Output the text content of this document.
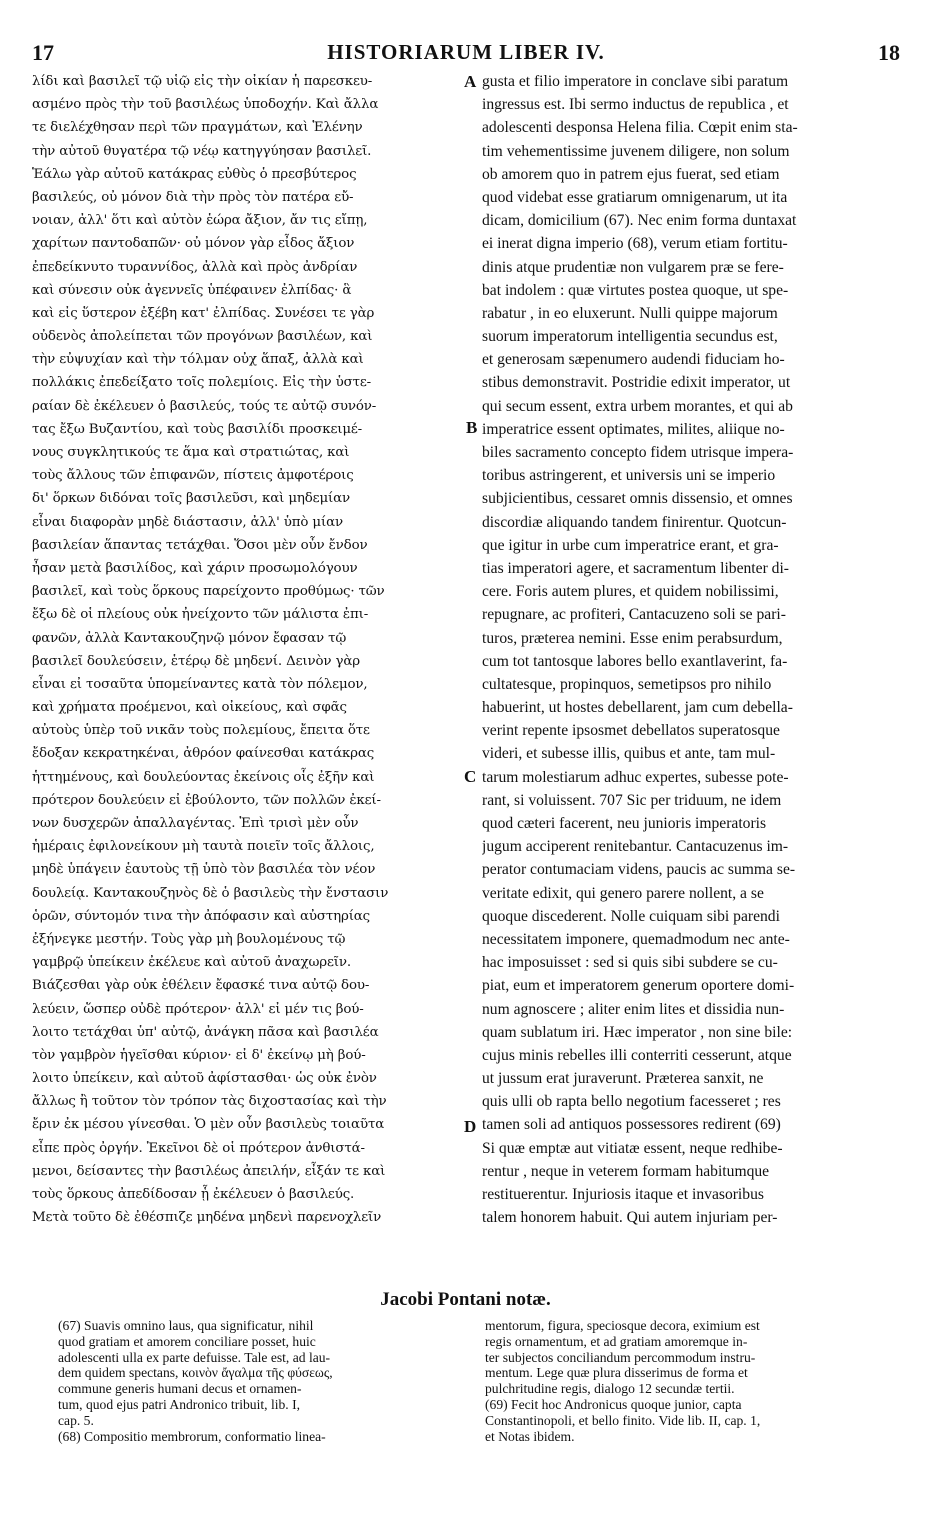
17	HISTORIARUM LIBER IV.	18
λίδι καὶ βασιλεῖ τῷ υἱῷ εἰς τὴν οἰκίαν ἡ παρεσκευ-
ασμένο πρὸς τὴν τοῦ βασιλέως ὑποδοχήν. Καὶ ἄλλα
τε διελέχθησαν περὶ τῶν πραγμάτων, καὶ Ἑλένην
τὴν αὐτοῦ θυγατέρα τῷ νέῳ κατηγγύησαν βασιλεῖ.
Ἑάλω γὰρ αὐτοῦ κατάκρας εὐθὺς ὁ πρεσβύτερος
βασιλεύς, οὐ μόνον διὰ τὴν πρὸς τὸν πατέρα εὔ-
νοιαν, ἀλλ' ὅτι καὶ αὐτὸν ἑώρα ἄξιον, ἄν τις εἴπῃ,
χαρίτων παντοδαπῶν· οὐ μόνον γὰρ εἶδος ἄξιον
ἐπεδείκνυτο τυραννίδος, ἀλλὰ καὶ πρὸς ἀνδρίαν
καὶ σύνεσιν οὐκ ἀγεννεῖς ὑπέφαινεν ἐλπίδας· ἃ
καὶ εἰς ὕστερον ἐξέβη κατ' ἐλπίδας. Συνέσει τε γὰρ
οὐδενὸς ἀπολείπεται τῶν προγόνων βασιλέων, καὶ
τὴν εὐψυχίαν καὶ τὴν τόλμαν οὐχ ἅπαξ, ἀλλὰ καὶ
πολλάκις ἐπεδείξατο τοῖς πολεμίοις. Εἰς τὴν ὑστε-
ραίαν δὲ ἐκέλευεν ὁ βασιλεύς, τούς τε αὐτῷ συνόν-
τας ἔξω Βυζαντίου, καὶ τοὺς βασιλίδι προσκειμέ-
νους συγκλητικούς τε ἅμα καὶ στρατιώτας, καὶ
τοὺς ἄλλους τῶν ἐπιφανῶν, πίστεις ἀμφοτέροις
δι' ὅρκων διδόναι τοῖς βασιλεῦσι, καὶ μηδεμίαν
εἶναι διαφορὰν μηδὲ διάστασιν, ἀλλ' ὑπὸ μίαν
βασιλείαν ἅπαντας τετάχθαι. Ὅσοι μὲν οὖν ἔνδον
ἦσαν μετὰ βασιλίδος, καὶ χάριν προσωμολόγουν
βασιλεῖ, καὶ τοὺς ὅρκους παρείχοντο προθύμως· τῶν
ἔξω δὲ οἱ πλείους οὐκ ἠνείχοντο τῶν μάλιστα ἐπι-
φανῶν, ἀλλὰ Καντακουζηνῷ μόνον ἔφασαν τῷ
βασιλεῖ δουλεύσειν, ἑτέρῳ δὲ μηδενί. Δεινὸν γὰρ
εἶναι εἰ τοσαῦτα ὑπομείναντες κατὰ τὸν πόλεμον,
καὶ χρήματα προέμενοι, καὶ οἰκείους, καὶ σφᾶς
αὐτοὺς ὑπὲρ τοῦ νικᾶν τοὺς πολεμίους, ἔπειτα ὅτε
ἔδοξαν κεκρατηκέναι, ἀθρόον φαίνεσθαι κατάκρας
ἡττημένους, καὶ δουλεύοντας ἐκείνοις οἷς ἐξῆν καὶ
πρότερον δουλεύειν εἰ ἐβούλοντο, τῶν πολλῶν ἐκεί-
νων δυσχερῶν ἀπαλλαγέντας. Ἐπὶ τρισὶ μὲν οὖν
ἡμέραις ἐφιλονείκουν μὴ ταυτὰ ποιεῖν τοῖς ἄλλοις,
μηδὲ ὑπάγειν ἑαυτοὺς τῇ ὑπὸ τὸν βασιλέα τὸν νέον
δουλείᾳ. Καντακουζηνὸς δὲ ὁ βασιλεὺς τὴν ἔνστασιν
ὁρῶν, σύντομόν τινα τὴν ἀπόφασιν καὶ αὐστηρίας
ἐξήνεγκε μεστήν. Τοὺς γὰρ μὴ βουλομένους τῷ
γαμβρῷ ὑπείκειν ἐκέλευε καὶ αὐτοῦ ἀναχωρεῖν.
Βιάζεσθαι γὰρ οὐκ ἐθέλειν ἔφασκέ τινα αὐτῷ δου-
λεύειν, ὥσπερ οὐδὲ πρότερον· ἀλλ' εἰ μέν τις βού-
λοιτο τετάχθαι ὑπ' αὐτῷ, ἀνάγκη πᾶσα καὶ βασιλέα
τὸν γαμβρὸν ἡγεῖσθαι κύριον· εἰ δ' ἐκείνῳ μὴ βού-
λοιτο ὑπείκειν, καὶ αὐτοῦ ἀφίστασθαι· ὡς οὐκ ἐνὸν
ἄλλως ἢ τοῦτον τὸν τρόπον τὰς διχοστασίας καὶ τὴν
ἔριν ἐκ μέσου γίνεσθαι. Ὁ μὲν οὖν βασιλεὺς τοιαῦτα
εἶπε πρὸς ὀργήν. Ἐκεῖνοι δὲ οἱ πρότερον ἀνθιστά-
μενοι, δείσαντες τὴν βασιλέως ἀπειλήν, εἶξάν τε καὶ
τοὺς ὅρκους ἀπεδίδοσαν ᾗ ἐκέλευεν ὁ βασιλεύς.
Μετὰ τοῦτο δὲ ἐθέσπιζε μηδένα μηδενὶ παρενοχλεῖν
gusta et filio imperatore in conclave sibi paratum
ingressus est. Ibi sermo inductus de republica , et
adolescenti desponsa Helena filia. Cœpit enim sta-
tim vehementissime juvenem diligere, non solum
ob amorem quo in patrem ejus fuerat, sed etiam
quod videbat esse gratiarum omnigenarum, ut ita
dicam, domicilium (67). Nec enim forma duntaxat
ei inerat digna imperio (68), verum etiam fortitu-
dinis atque prudentiæ non vulgarem præ se fere-
bat indolem : quæ virtutes postea quoque, ut spe-
rabatur , in eo eluxerunt. Nulli quippe majorum
suorum imperatorum intelligentia secundus est,
et generosam sæpenumero audendi fiduciam ho-
stibus demonstravit. Postridie edixit imperator, ut
qui secum essent, extra urbem morantes, et qui ab
imperatrice essent optimates, milites, aliique no-
biles sacramento concepto fidem utrisque impera-
toribus astringerent, et universis uni se imperio
subjicientibus, cessaret omnis dissensio, et omnes
discordiæ aliquando tandem finirentur. Quotcun-
que igitur in urbe cum imperatrice erant, et gra-
tias imperatori agere, et sacramentum libenter di-
cere. Foris autem plures, et quidem nobilissimi,
repugnare, ac profiteri, Cantacuzeno soli se pari-
turos, præterea nemini. Esse enim perabsurdum,
cum tot tantosque labores bello exantlaverint, fa-
cultatesque, propinquos, semetipsos pro nihilo
habuerint, ut hostes debellarent, jam cum debella-
verint repente ipsosmet debellatos superatosque
videri, et subesse illis, quibus et ante, tam mul-
tarum molestiarum adhuc expertes, subesse pote-
rant, si voluissent. 707 Sic per triduum, ne idem
quod cæteri facerent, neu junioris imperatoris
jugum acciperent renitebantur. Cantacuzenus im-
perator contumaciam videns, paucis ac summa se-
veritate edixit, qui genero parere nollent, a se
quoque discederent. Nolle cuiquam sibi parendi
necessitatem imponere, quemadmodum nec ante-
hac imposuisset : sed si quis sibi subdere se cu-
piat, eum et imperatorem generum oportere domi-
num agnoscere ; aliter enim lites et dissidia nun-
quam sublatum iri. Hæc imperator , non sine bile:
cujus minis rebelles illi conterriti cesserunt, atque
ut jussum erat juraverunt. Præterea sanxit, ne
quis ulli ob rapta bello negotium facesseret ; res
tamen soli ad antiquos possessores redirent (69)
Si quæ emptæ aut vitiatæ essent, neque redhibe-
rentur , neque in veterem formam habitumque
restituerentur. Injuriosis itaque et invasoribus
talem honorem habuit. Qui autem injuriam per-
A
B
C
D
Jacobi Pontani notæ.
(67) Suavis omnino laus, qua significatur, nihil
quod gratiam et amorem conciliare posset, huic
adolescenti ulla ex parte defuisse. Tale est, ad lau-
dem quidem spectans, κοινὸν ἄγαλμα τῆς φύσεως,
commune generis humani decus et ornamen-
tum, quod ejus patri Andronico tribuit, lib. I,
cap. 5.
(68) Compositio membrorum, conformatio linea-
mentorum, figura, speciosque decora, eximium est
regis ornamentum, et ad gratiam amoremque in-
ter subjectos conciliandum percommodum instru-
mentum. Lege quæ plura disserimus de forma et
pulchritudine regis, dialogo 12 secundæ tertii.
(69) Fecit hoc Andronicus quoque junior, capta
Constantinopoli, et bello finito. Vide lib. II, cap. 1,
et Notas ibidem.
